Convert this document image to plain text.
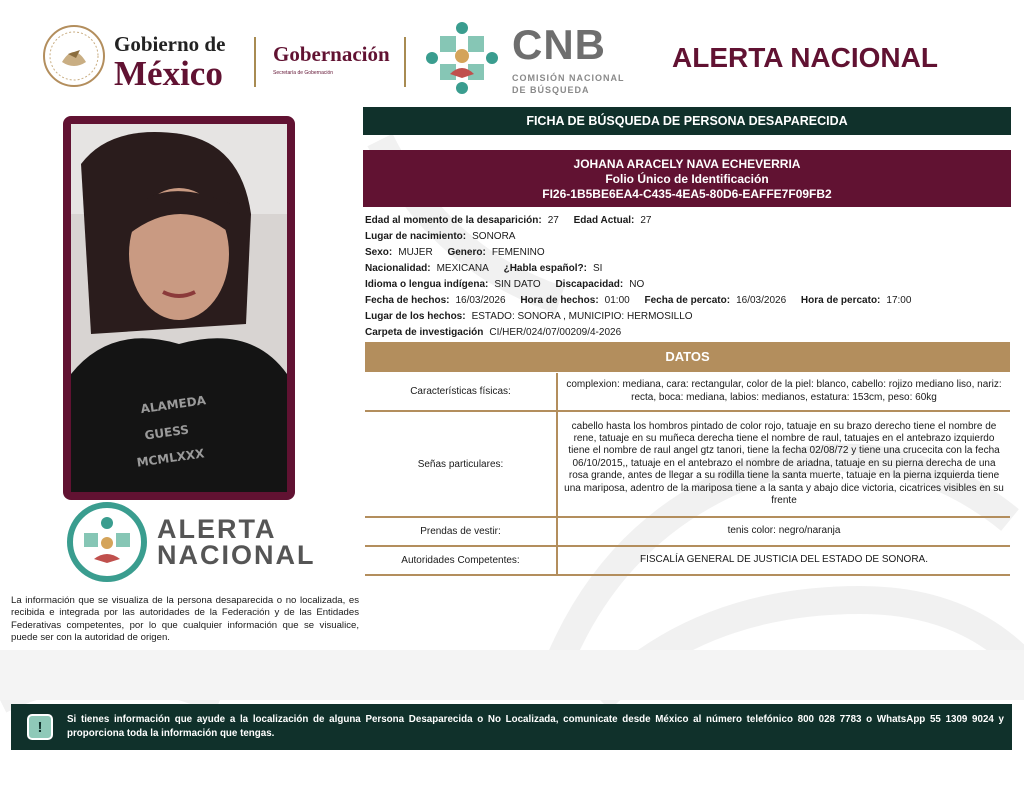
Gobierno de
México Gobernación
Secretaría de Gobernación
CNB
COMISIÓN NACIONAL
DE BÚSQUEDA
ALERTA NACIONAL
ALAMEDA
GUESS
MCMLXXX
FICHA DE BÚSQUEDA DE PERSONA DESAPARECIDA
JOHANA ARACELY NAVA ECHEVERRIA
Folio Único de Identificación
FI26-1B5BE6EA4-C435-4EA5-80D6-EAFFE7F09FB2
Edad al momento de la desaparición: 27 Edad Actual: 27
Lugar de nacimiento: SONORA
Sexo: MUJER Genero: FEMENINO
Nacionalidad: MEXICANA ¿Habla español?: SI
Idioma o lengua indígena: SIN DATO Discapacidad: NO
Fecha de hechos: 16/03/2026 Hora de hechos: 01:00 Fecha de percato: 16/03/2026 Hora de percato: 17:00
Lugar de los hechos: ESTADO: SONORA , MUNICIPIO: HERMOSILLO
Carpeta de investigación CI/HER/024/07/00209/4-2026
DATOS
Características físicas:
complexion: mediana, cara: rectangular, color de la piel: blanco, cabello: rojizo mediano liso, nariz: recta, boca: mediana, labios: medianos, estatura: 153cm, peso: 60kg
Señas particulares:
cabello hasta los hombros pintado de color rojo, tatuaje en su brazo derecho tiene el nombre de rene, tatuaje en su muñeca derecha tiene el nombre de raul, tatuajes en el antebrazo izquierdo tiene el nombre de raul angel gtz tanori, tiene la fecha 02/08/72 y tiene una crucecita con la fecha 06/10/2015,, tatuaje en el antebrazo el nombre de ariadna, tatuaje en su pierna derecha de una rosa grande, antes de llegar a su rodilla tiene la santa muerte, tatuaje en la pierna izquierda tiene una mariposa, adentro de la mariposa tiene a la santa y abajo dice victoria, cicatrices visibles en su frente
Prendas de vestir:	tenis color: negro/naranja
Autoridades Competentes:	FISCALÍA GENERAL DE JUSTICIA DEL ESTADO DE SONORA.
ALERTA
NACIONAL
La información que se visualiza de la persona desaparecida o no localizada, es recibida e integrada por las autoridades de la Federación y de las Entidades Federativas competentes, por lo que cualquier información que se visualice, puede ser con la autoridad de origen.
!	Si tienes información que ayude a la localización de alguna Persona Desaparecida o No Localizada, comunicate desde México al número telefónico 800 028 7783 o WhatsApp 55 1309 9024 y proporciona toda la información que tengas.
